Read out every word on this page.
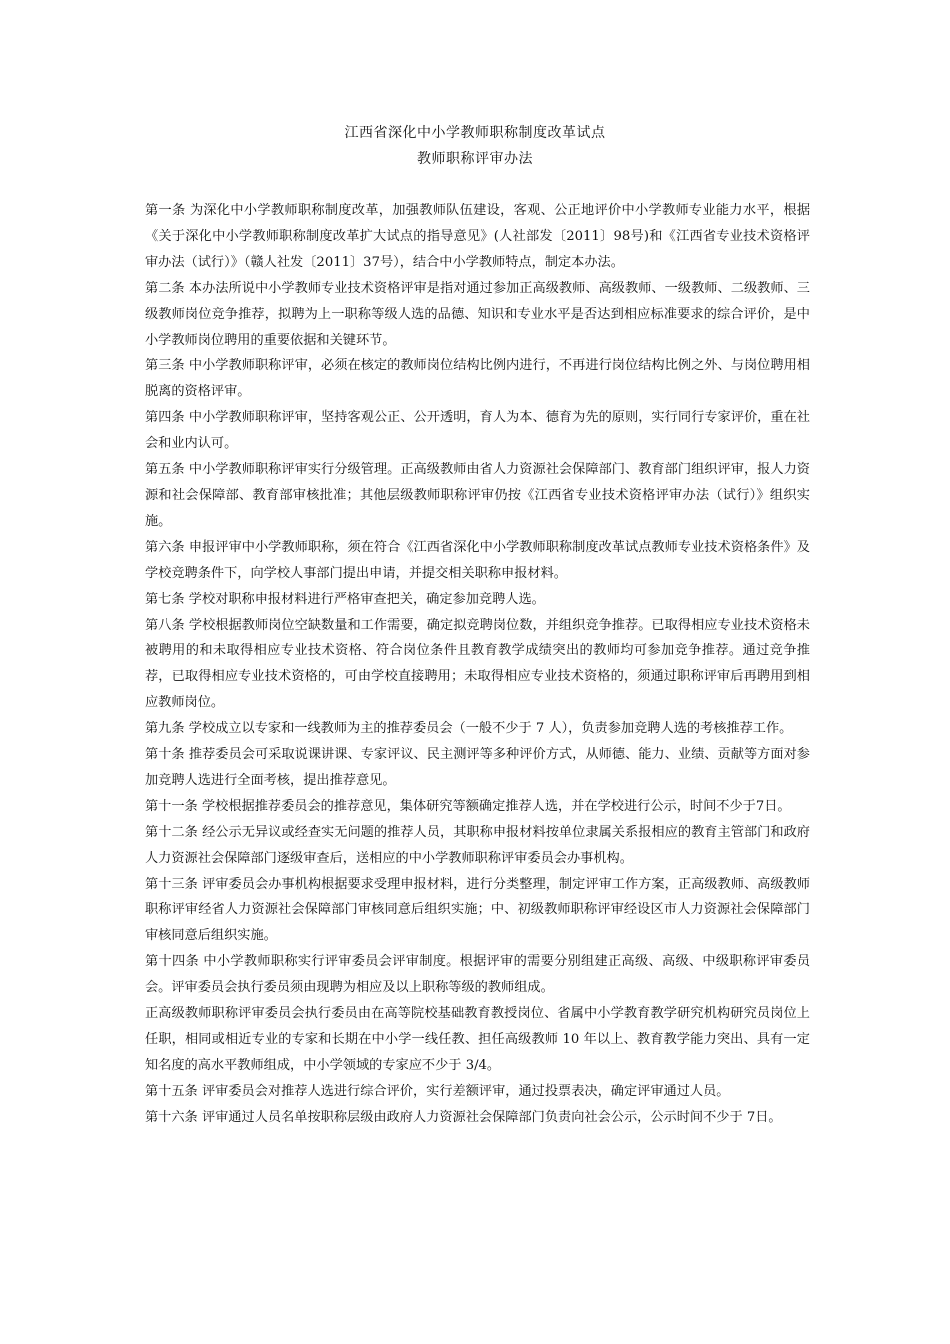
江西省深化中小学教师职称制度改革试点
教师职称评审办法

第一条 为深化中小学教师职称制度改革，加强教师队伍建设，客观、公正地评价中小学教师专业能力水平，根据《关于深化中小学教师职称制度改革扩大试点的指导意见》(人社部发〔2011〕98号)和《江西省专业技术资格评审办法（试行）》（赣人社发〔2011〕37号），结合中小学教师特点，制定本办法。

第二条 本办法所说中小学教师专业技术资格评审是指对通过参加正高级教师、高级教师、一级教师、二级教师、三级教师岗位竞争推荐，拟聘为上一职称等级人选的品德、知识和专业水平是否达到相应标准要求的综合评价，是中小学教师岗位聘用的重要依据和关键环节。

第三条 中小学教师职称评审，必须在核定的教师岗位结构比例内进行，不再进行岗位结构比例之外、与岗位聘用相脱离的资格评审。

第四条 中小学教师职称评审，坚持客观公正、公开透明，育人为本、德育为先的原则，实行同行专家评价，重在社会和业内认可。

第五条 中小学教师职称评审实行分级管理。正高级教师由省人力资源社会保障部门、教育部门组织评审，报人力资源和社会保障部、教育部审核批准；其他层级教师职称评审仍按《江西省专业技术资格评审办法（试行）》组织实施。

第六条 申报评审中小学教师职称，须在符合《江西省深化中小学教师职称制度改革试点教师专业技术资格条件》及学校竞聘条件下，向学校人事部门提出申请，并提交相关职称申报材料。

第七条 学校对职称申报材料进行严格审查把关，确定参加竞聘人选。

第八条 学校根据教师岗位空缺数量和工作需要，确定拟竞聘岗位数，并组织竞争推荐。已取得相应专业技术资格未被聘用的和未取得相应专业技术资格、符合岗位条件且教育教学成绩突出的教师均可参加竞争推荐。通过竞争推荐，已取得相应专业技术资格的，可由学校直接聘用；未取得相应专业技术资格的，须通过职称评审后再聘用到相应教师岗位。

第九条 学校成立以专家和一线教师为主的推荐委员会（一般不少于 7 人），负责参加竞聘人选的考核推荐工作。

第十条 推荐委员会可采取说课讲课、专家评议、民主测评等多种评价方式，从师德、能力、业绩、贡献等方面对参加竞聘人选进行全面考核，提出推荐意见。

第十一条 学校根据推荐委员会的推荐意见，集体研究等额确定推荐人选，并在学校进行公示，时间不少于7日。

第十二条 经公示无异议或经查实无问题的推荐人员，其职称申报材料按单位隶属关系报相应的教育主管部门和政府人力资源社会保障部门逐级审查后，送相应的中小学教师职称评审委员会办事机构。

第十三条 评审委员会办事机构根据要求受理申报材料，进行分类整理，制定评审工作方案，正高级教师、高级教师职称评审经省人力资源社会保障部门审核同意后组织实施；中、初级教师职称评审经设区市人力资源社会保障部门审核同意后组织实施。

第十四条 中小学教师职称实行评审委员会评审制度。根据评审的需要分别组建正高级、高级、中级职称评审委员会。评审委员会执行委员须由现聘为相应及以上职称等级的教师组成。

正高级教师职称评审委员会执行委员由在高等院校基础教育教授岗位、省属中小学教育教学研究机构研究员岗位上任职，相同或相近专业的专家和长期在中小学一线任教、担任高级教师 10 年以上、教育教学能力突出、具有一定知名度的高水平教师组成，中小学领域的专家应不少于 3/4。

第十五条 评审委员会对推荐人选进行综合评价，实行差额评审，通过投票表决，确定评审通过人员。

第十六条 评审通过人员名单按职称层级由政府人力资源社会保障部门负责向社会公示，公示时间不少于 7日。
